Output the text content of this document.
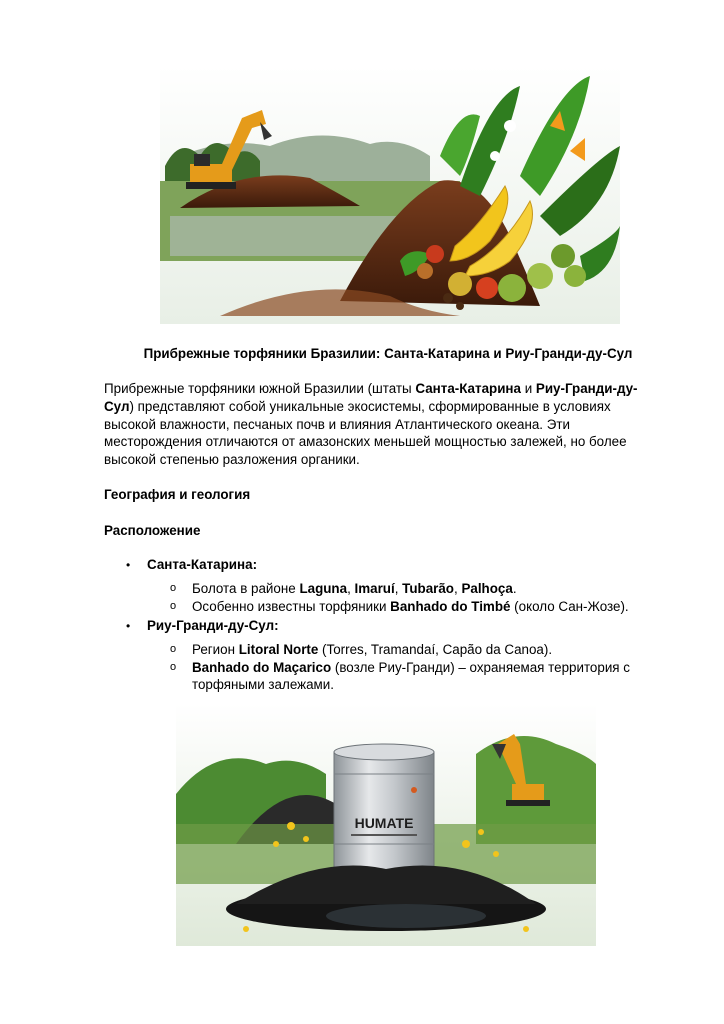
Прибрежные торфяники Бразилии: Санта-Катарина и Риу-Гранди-ду-Сул
Прибрежные торфяники южной Бразилии (штаты Санта-Катарина и Риу-Гранди-ду-Сул) представляют собой уникальные экосистемы, сформированные в условиях высокой влажности, песчаных почв и влияния Атлантического океана. Эти месторождения отличаются от амазонских меньшей мощностью залежей, но более высокой степенью разложения органики.
География и геология
Расположение
• Санта-Катарина:
o Болота в районе Laguna, Imaruí, Tubarão, Palhoça.
o Особенно известны торфяники Banhado do Timbé (около Сан-Жозе).
• Риу-Гранди-ду-Сул:
o Регион Litoral Norte (Torres, Tramandaí, Capão da Canoa).
o Banhado do Maçarico (возле Риу-Гранди) – охраняемая территория с
торфяными залежами.
HUMATE
